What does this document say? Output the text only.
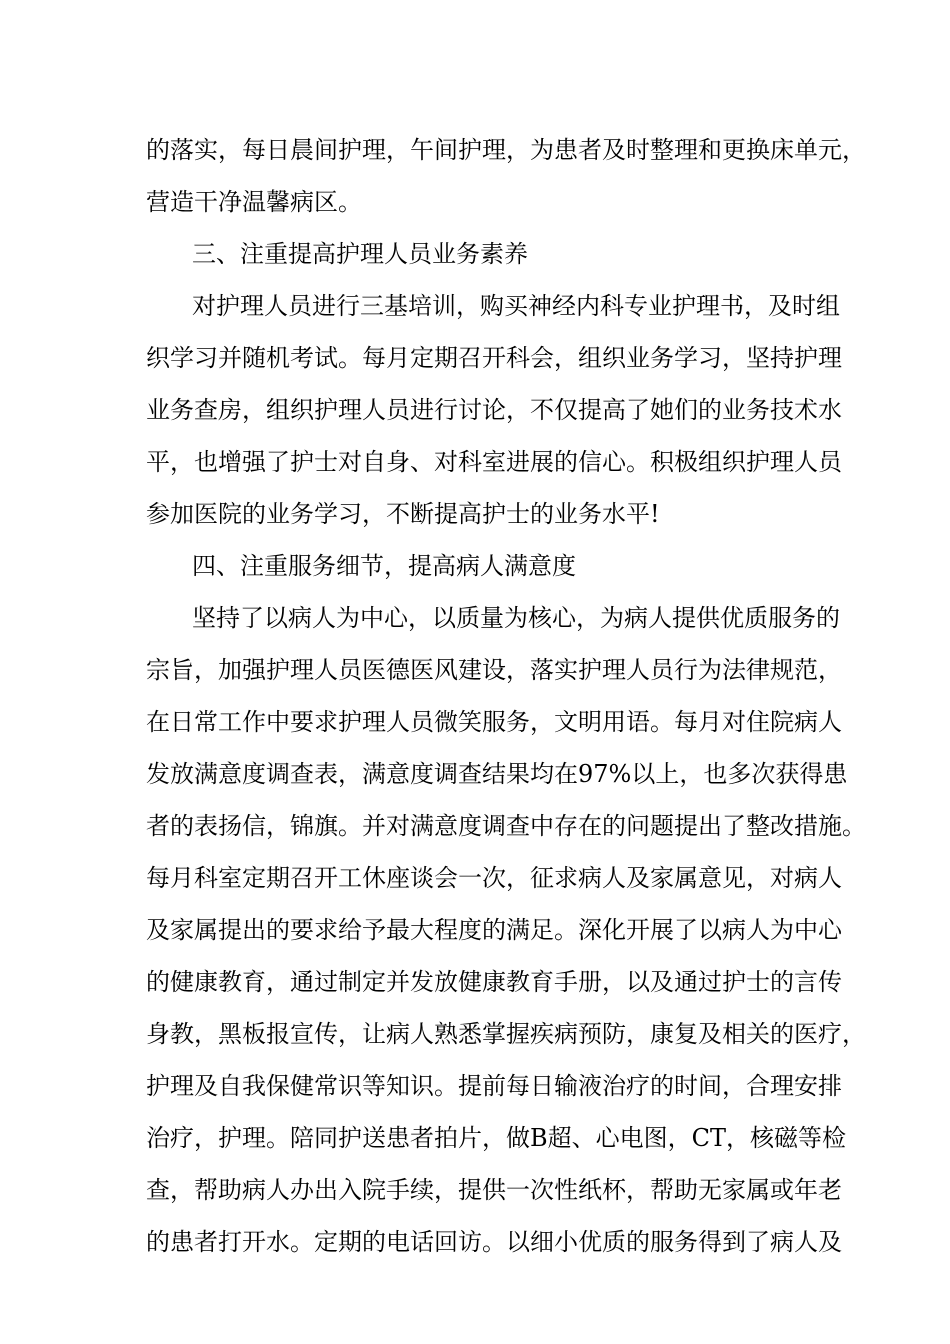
的落实，每日晨间护理，午间护理，为患者及时整理和更换床单元，
营造干净温馨病区。
三、注重提高护理人员业务素养
对护理人员进行三基培训，购买神经内科专业护理书，及时组
织学习并随机考试。每月定期召开科会，组织业务学习，坚持护理
业务查房，组织护理人员进行讨论，不仅提高了她们的业务技术水
平，也增强了护士对自身、对科室进展的信心。积极组织护理人员
参加医院的业务学习，不断提高护士的业务水平!
四、注重服务细节，提高病人满意度
坚持了以病人为中心，以质量为核心，为病人提供优质服务的
宗旨，加强护理人员医德医风建设，落实护理人员行为法律规范，
在日常工作中要求护理人员微笑服务，文明用语。每月对住院病人
发放满意度调查表，满意度调查结果均在97%以上，也多次获得患
者的表扬信，锦旗。并对满意度调查中存在的问题提出了整改措施。
每月科室定期召开工休座谈会一次，征求病人及家属意见，对病人
及家属提出的要求给予最大程度的满足。深化开展了以病人为中心
的健康教育，通过制定并发放健康教育手册，以及通过护士的言传
身教，黑板报宣传，让病人熟悉掌握疾病预防，康复及相关的医疗，
护理及自我保健常识等知识。提前每日输液治疗的时间，合理安排
治疗，护理。陪同护送患者拍片，做B超、心电图，CT，核磁等检
查，帮助病人办出入院手续，提供一次性纸杯，帮助无家属或年老
的患者打开水。定期的电话回访。以细小优质的服务得到了病人及
